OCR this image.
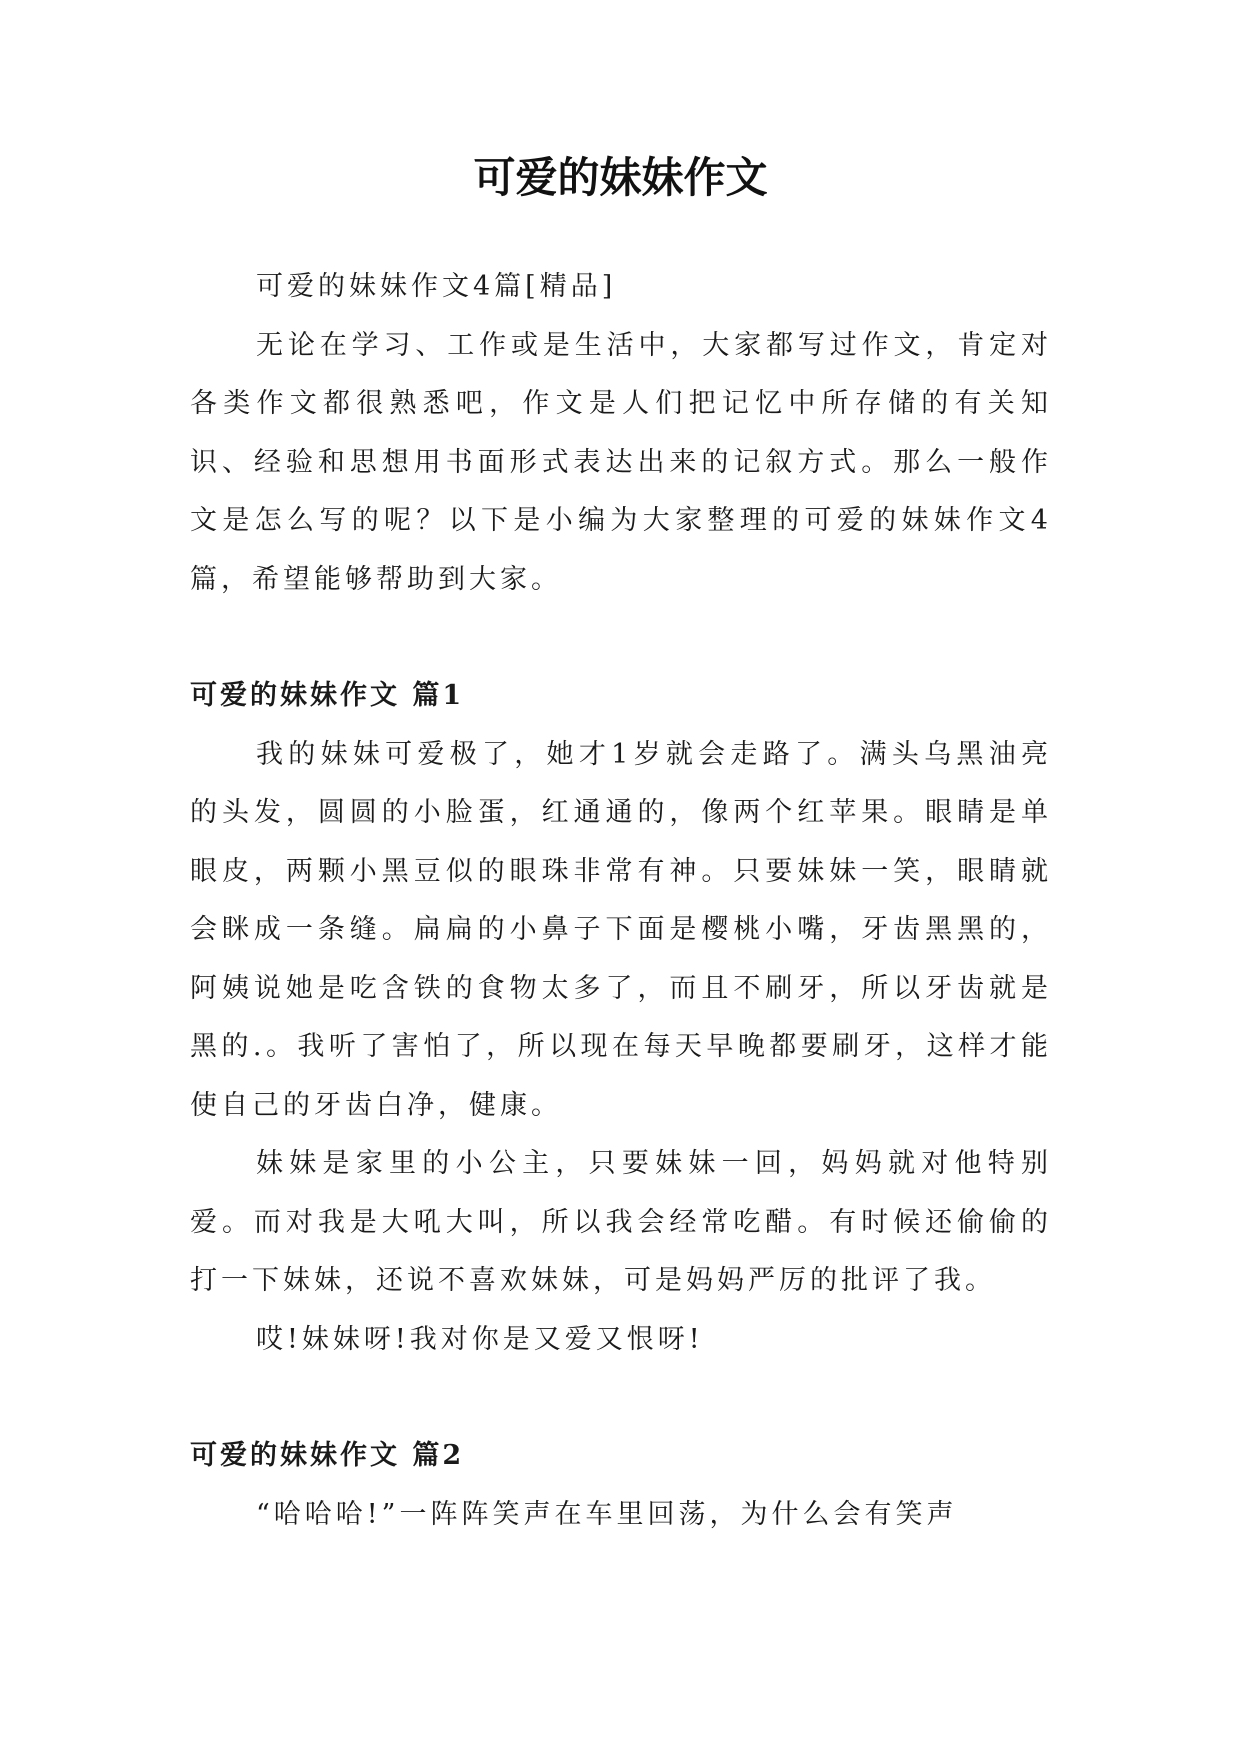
可爱的妹妹作文

可爱的妹妹作文4篇[精品]

无论在学习、工作或是生活中，大家都写过作文，肯定对各类作文都很熟悉吧，作文是人们把记忆中所存储的有关知识、经验和思想用书面形式表达出来的记叙方式。那么一般作文是怎么写的呢？以下是小编为大家整理的可爱的妹妹作文4篇，希望能够帮助到大家。

可爱的妹妹作文 篇1

我的妹妹可爱极了，她才1岁就会走路了。满头乌黑油亮的头发，圆圆的小脸蛋，红通通的，像两个红苹果。眼睛是单眼皮，两颗小黑豆似的眼珠非常有神。只要妹妹一笑，眼睛就会眯成一条缝。扁扁的小鼻子下面是樱桃小嘴，牙齿黑黑的，阿姨说她是吃含铁的食物太多了，而且不刷牙，所以牙齿就是黑的.。我听了害怕了，所以现在每天早晚都要刷牙，这样才能使自己的牙齿白净，健康。

妹妹是家里的小公主，只要妹妹一回，妈妈就对他特别爱。而对我是大吼大叫，所以我会经常吃醋。有时候还偷偷的打一下妹妹，还说不喜欢妹妹，可是妈妈严厉的批评了我。

哎!妹妹呀!我对你是又爱又恨呀!

可爱的妹妹作文 篇2

“哈哈哈!”一阵阵笑声在车里回荡，为什么会有笑声
